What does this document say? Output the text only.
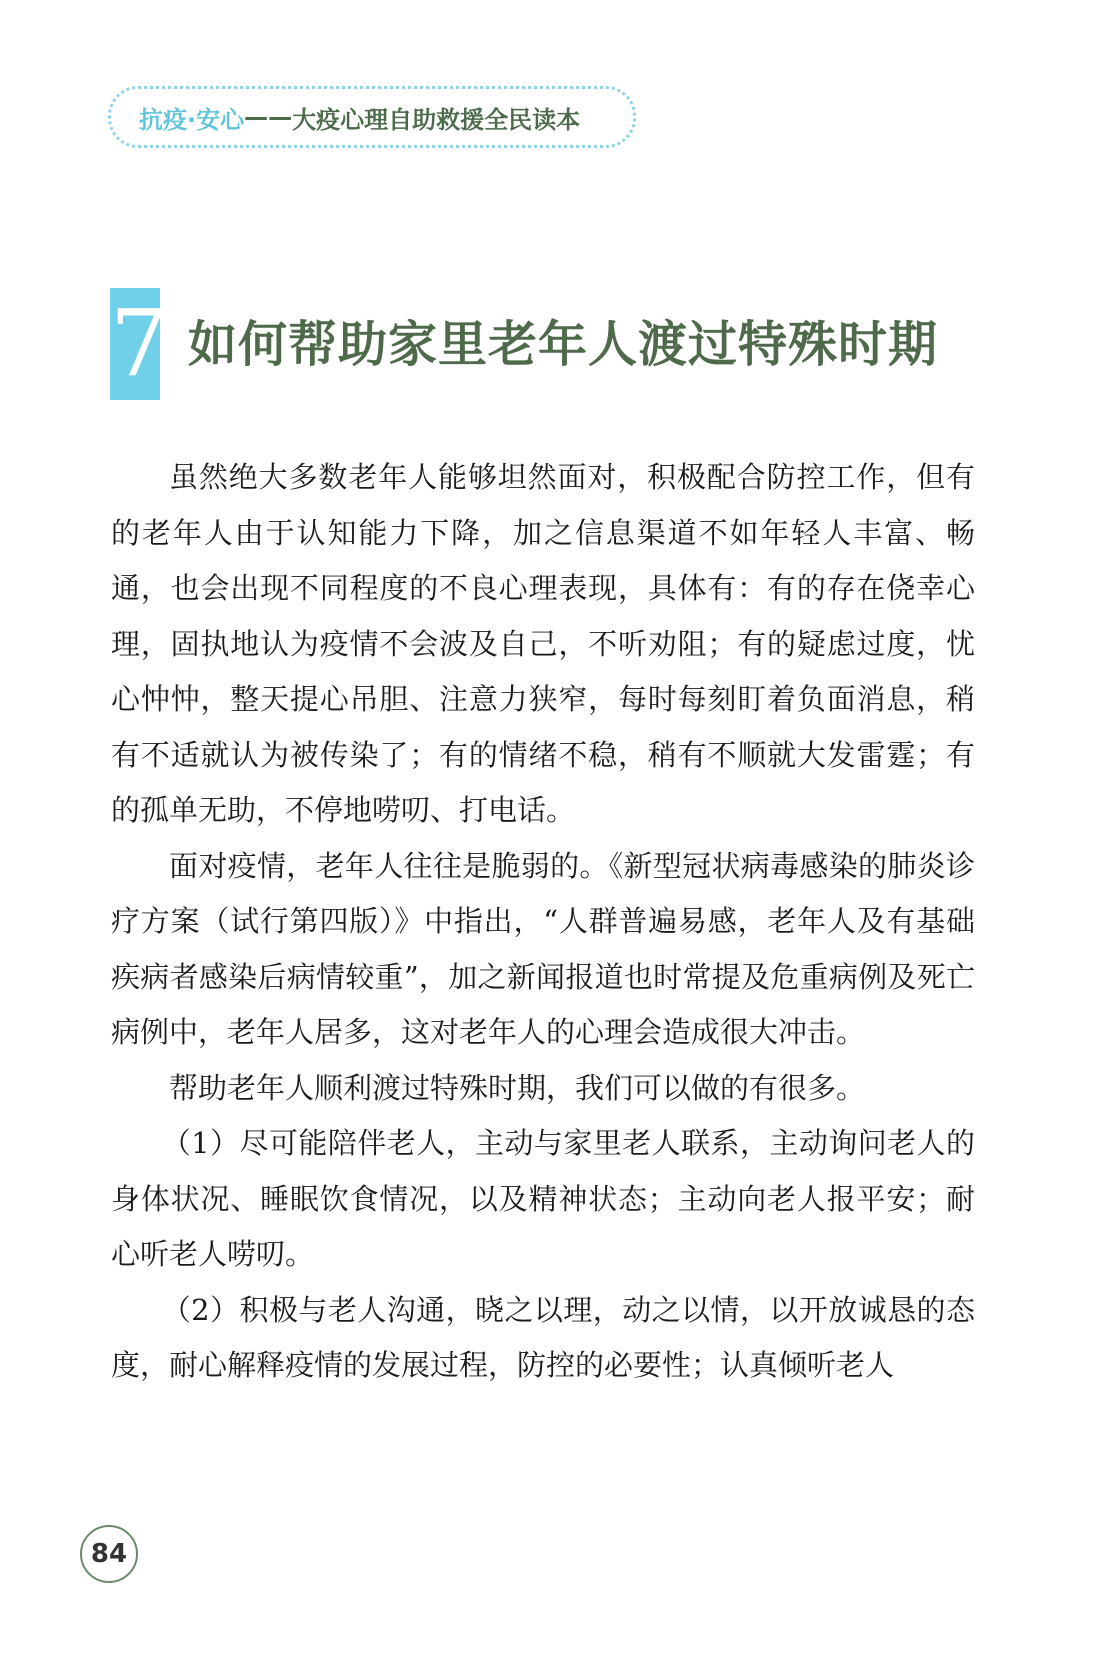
抗疫·安心 —— 大疫心理自助救援全民读本
7 如何帮助家里老年人渡过特殊时期

虽然绝大多数老年人能够坦然面对，积极配合防控工作，但有的老年人由于认知能力下降，加之信息渠道不如年轻人丰富、畅通，也会出现不同程度的不良心理表现，具体有：有的存在侥幸心理，固执地认为疫情不会波及自己，不听劝阻；有的疑虑过度，忧心忡忡，整天提心吊胆、注意力狭窄，每时每刻盯着负面消息，稍有不适就认为被传染了；有的情绪不稳，稍有不顺就大发雷霆；有的孤单无助，不停地唠叨、打电话。

面对疫情，老年人往往是脆弱的。《新型冠状病毒感染的肺炎诊疗方案（试行第四版）》中指出，“人群普遍易感，老年人及有基础疾病者感染后病情较重”，加之新闻报道也时常提及危重病例及死亡病例中，老年人居多，这对老年人的心理会造成很大冲击。

帮助老年人顺利渡过特殊时期，我们可以做的有很多。

（1）尽可能陪伴老人，主动与家里老人联系，主动询问老人的身体状况、睡眠饮食情况，以及精神状态；主动向老人报平安；耐心听老人唠叨。

（2）积极与老人沟通，晓之以理，动之以情，以开放诚恳的态度，耐心解释疫情的发展过程，防控的必要性；认真倾听老人

84
